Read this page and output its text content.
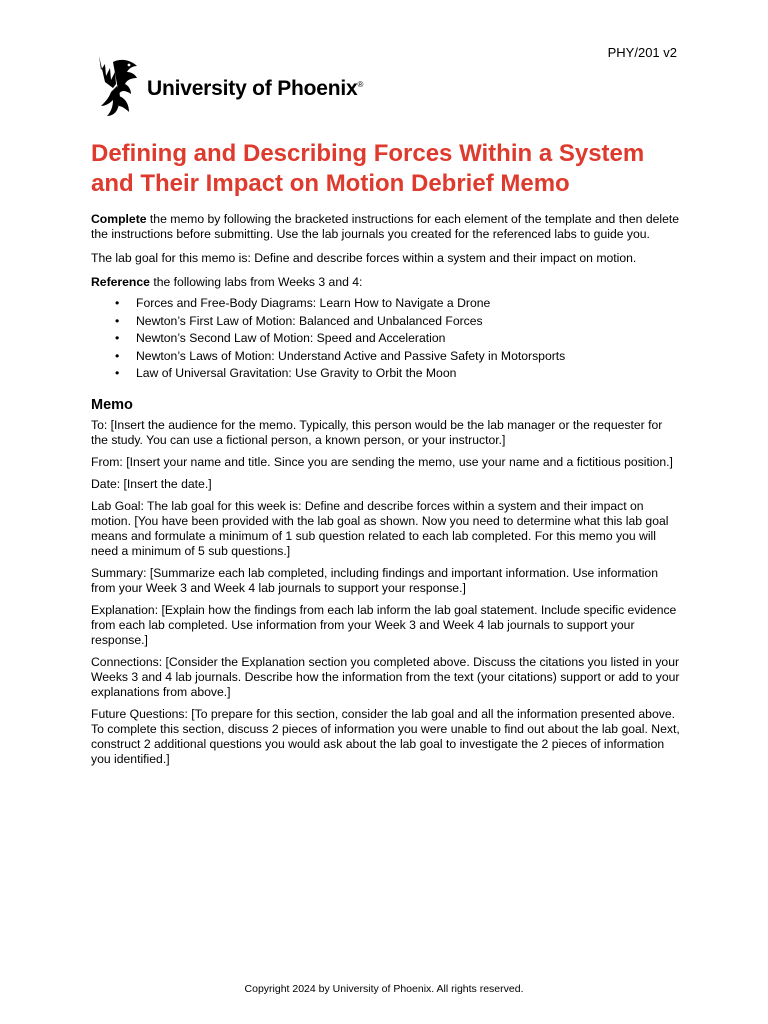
PHY/201 v2
University of Phoenix®
Defining and Describing Forces Within a System and Their Impact on Motion Debrief Memo

Complete the memo by following the bracketed instructions for each element of the template and then delete the instructions before submitting. Use the lab journals you created for the referenced labs to guide you.

The lab goal for this memo is: Define and describe forces within a system and their impact on motion.

Reference the following labs from Weeks 3 and 4:

• Forces and Free-Body Diagrams: Learn How to Navigate a Drone
• Newton’s First Law of Motion: Balanced and Unbalanced Forces
• Newton’s Second Law of Motion: Speed and Acceleration
• Newton’s Laws of Motion: Understand Active and Passive Safety in Motorsports
• Law of Universal Gravitation: Use Gravity to Orbit the Moon
Memo

To: [Insert the audience for the memo. Typically, this person would be the lab manager or the requester for the study. You can use a fictional person, a known person, or your instructor.]

From: [Insert your name and title. Since you are sending the memo, use your name and a fictitious position.]

Date: [Insert the date.]

Lab Goal: The lab goal for this week is: Define and describe forces within a system and their impact on motion. [You have been provided with the lab goal as shown. Now you need to determine what this lab goal means and formulate a minimum of 1 sub question related to each lab completed. For this memo you will need a minimum of 5 sub questions.]

Summary: [Summarize each lab completed, including findings and important information. Use information from your Week 3 and Week 4 lab journals to support your response.]

Explanation: [Explain how the findings from each lab inform the lab goal statement. Include specific evidence from each lab completed. Use information from your Week 3 and Week 4 lab journals to support your response.]

Connections: [Consider the Explanation section you completed above. Discuss the citations you listed in your Weeks 3 and 4 lab journals. Describe how the information from the text (your citations) support or add to your explanations from above.]

Future Questions: [To prepare for this section, consider the lab goal and all the information presented above. To complete this section, discuss 2 pieces of information you were unable to find out about the lab goal. Next, construct 2 additional questions you would ask about the lab goal to investigate the 2 pieces of information you identified.]

Copyright 2024 by University of Phoenix. All rights reserved.
